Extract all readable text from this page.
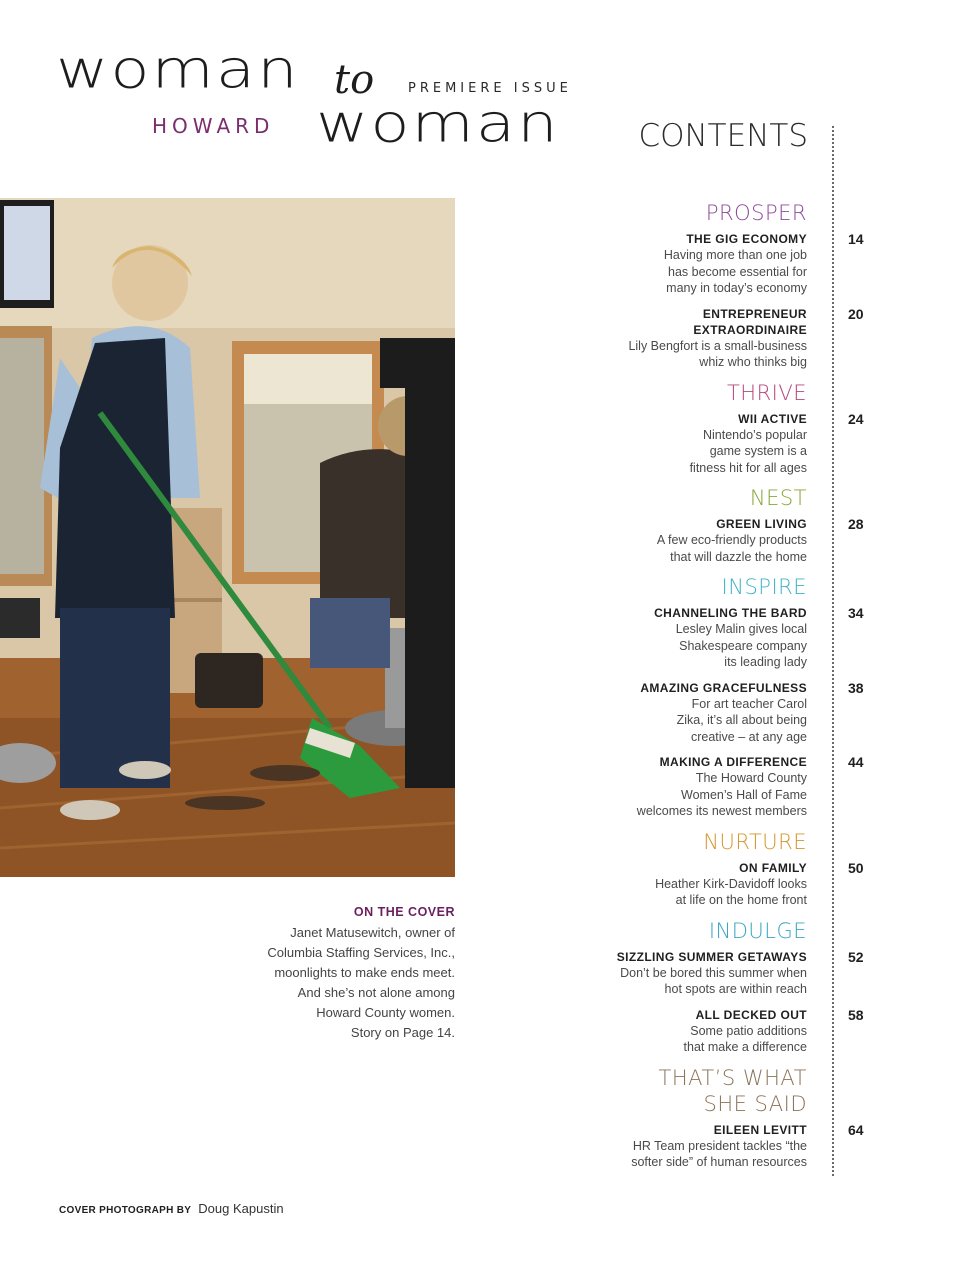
woman to	PREMIERE ISSUE
HOWARD woman	CONTENTS
PROSPER
THE GIG ECONOMY
Having more than one job
has become essential for
many in today’s economy
14
ENTREPRENEUR
EXTRAORDINAIRE
Lily Bengfort is a small-business
whiz who thinks big
20
THRIVE
WII ACTIVE
Nintendo’s popular
game system is a
fitness hit for all ages
24
NEST
GREEN LIVING
A few eco-friendly products
that will dazzle the home
28
INSPIRE
CHANNELING THE BARD
Lesley Malin gives local
Shakespeare company
its leading lady
34
AMAZING GRACEFULNESS
For art teacher Carol
Zika, it’s all about being
creative – at any age
38
MAKING A DIFFERENCE
The Howard County
Women’s Hall of Fame
welcomes its newest members
44
NURTURE
ON FAMILY
Heather Kirk-Davidoff looks
at life on the home front
50
INDULGE
SIZZLING SUMMER GETAWAYS
Don’t be bored this summer when
hot spots are within reach
52
ALL DECKED OUT
Some patio additions
that make a difference
58
THAT’S WHAT
SHE SAID
EILEEN LEVITT
HR Team president tackles “the
softer side” of human resources
64
ON THE COVER
Janet Matusewitch, owner of
Columbia Staffing Services, Inc.,
moonlights to make ends meet.
And she’s not alone among
Howard County women.
Story on Page 14.
COVER PHOTOGRAPH BY Doug Kapustin
